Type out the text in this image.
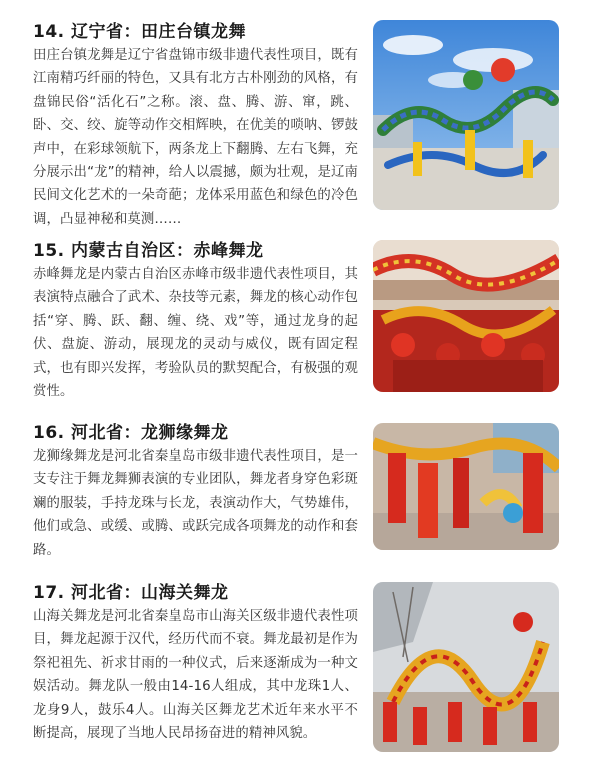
14. 辽宁省：田庄台镇龙舞
田庄台镇龙舞是辽宁省盘锦市级非遗代表性项目，既有江南精巧纤丽的特色，又具有北方古朴刚劲的风格，有盘锦民俗“活化石”之称。滚、盘、腾、游、窜，跳、卧、交、绞、旋等动作交相辉映，在优美的唢呐、锣鼓声中，在彩球领航下，两条龙上下翻腾、左右飞舞，充分展示出“龙”的精神，给人以震撼，颇为壮观，是辽南民间文化艺术的一朵奇葩；龙体采用蓝色和绿色的冷色调，凸显神秘和莫测……
15. 内蒙古自治区：赤峰舞龙
赤峰舞龙是内蒙古自治区赤峰市级非遗代表性项目，其表演特点融合了武术、杂技等元素，舞龙的核心动作包括“穿、腾、跃、翻、缠、绕、戏”等，通过龙身的起伏、盘旋、游动，展现龙的灵动与威仪，既有固定程式，也有即兴发挥，考验队员的默契配合，有极强的观赏性。
16. 河北省：龙狮缘舞龙
龙狮缘舞龙是河北省秦皇岛市级非遗代表性项目，是一支专注于舞龙舞狮表演的专业团队，舞龙者身穿色彩斑斓的服装，手持龙珠与长龙，表演动作大，气势雄伟，他们或急、或缓、或腾、或跃完成各项舞龙的动作和套路。
17. 河北省：山海关舞龙
山海关舞龙是河北省秦皇岛市山海关区级非遗代表性项目，舞龙起源于汉代，经历代而不衰。舞龙最初是作为祭祀祖先、祈求甘雨的一种仪式，后来逐渐成为一种文娱活动。舞龙队一般由14-16人组成，其中龙珠1人、龙身9人，鼓乐4人。山海关区舞龙艺术近年来水平不断提高，展现了当地人民昂扬奋进的精神风貌。
